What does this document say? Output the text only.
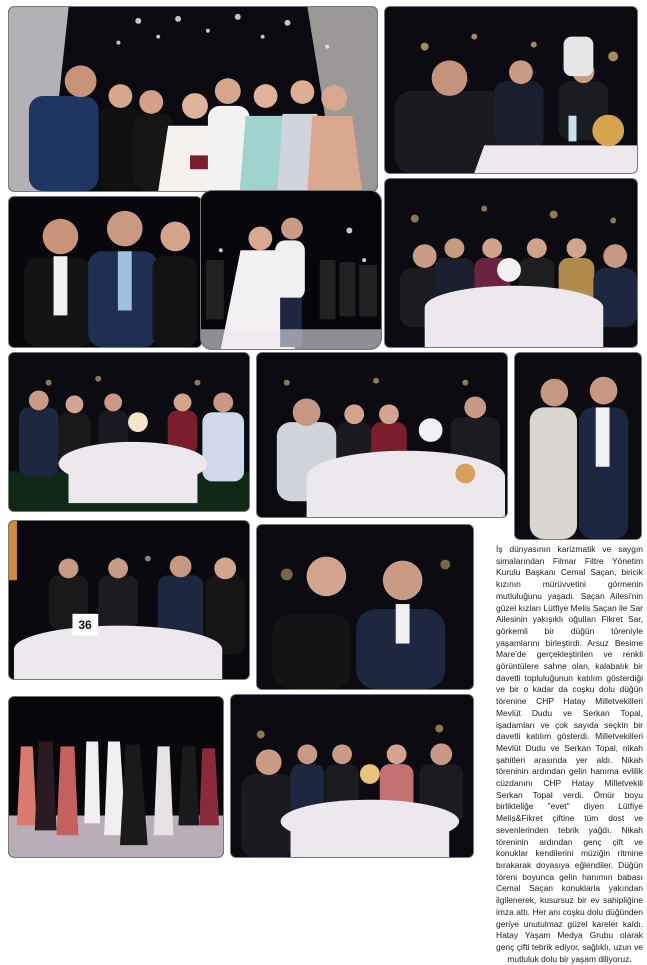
36

İş dünyasının karizmatik ve saygın simalarından Filmar Filtre Yönetim Kurulu Başkanı Cemal Saçan, biricik kızının mürüvvetini görmenin mutluluğunu yaşadı. Saçan Ailesi'nin güzel kızları Lütfiye Melis Saçan ile Sar Ailesinin yakışıklı oğulları Fikret Sar, görkemli bir düğün töreniyle yaşamlarını birleştirdi. Arsuz Besime Mare'de gerçekleştirilen ve renkli görüntülere sahne olan, kalabalık bir davetli topluluğunun katılım gösterdiği ve bir o kadar da coşku dolu düğün törenine CHP Hatay Milletvekilleri Mevlüt Dudu ve Serkan Topal, işadamları ve çok sayıda seçkin bir davetli katılım gösterdi. Milletvekilleri Mevlüt Dudu ve Serkan Topal, nikah şahitleri arasında yer aldı. Nikah töreninin ardından gelin hanıma evlilik cüzdanını CHP Hatay Milletvekili Serkan Topal verdi. Ömür boyu birlikteliğe "evet" diyen Lütfiye Melis&Fikret çiftine tüm dost ve sevenlerinden tebrik yağdı. Nikah töreninin ardından genç çift ve konuklar kendilerini müziğin ritmine bırakarak doyasıya eğlendiler. Düğün töreni boyunca gelin hanımın babası Cemal Saçan konuklarla yakından ilgilenerek, kusursuz bir ev sahipliğine imza attı. Her anı coşku dolu düğünden geriye unutulmaz güzel kareler kaldı. Hatay Yaşam Medya Grubu olarak genç çifti tebrik ediyor, sağlıklı, uzun ve mutluluk dolu bir yaşam diliyoruz.
